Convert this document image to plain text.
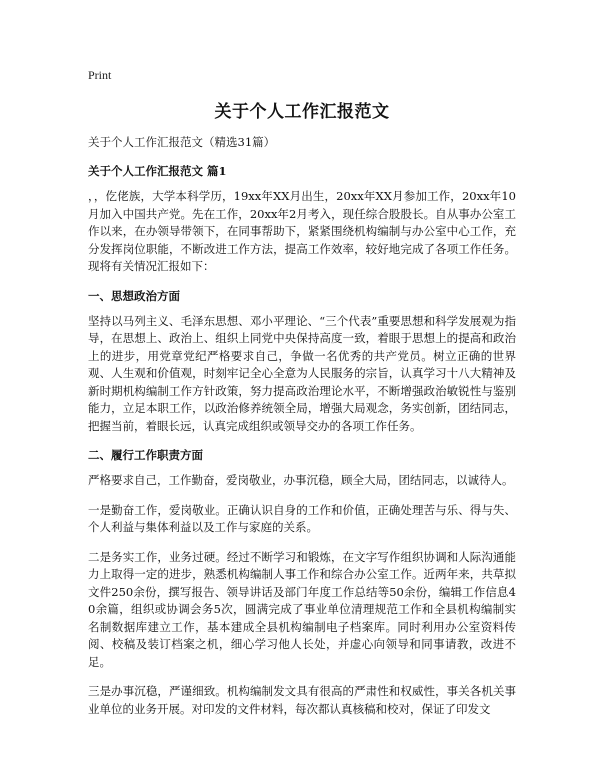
Print
关于个人工作汇报范文

关于个人工作汇报范文（精选31篇）

关于个人工作汇报范文 篇1

，，仡佬族，大学本科学历，19xx年XX月出生，20xx年XX月参加工作，20xx年10月加入中国共产党。先在工作，20xx年2月考入，现任综合股股长。自从事办公室工作以来，在办领导带领下，在同事帮助下，紧紧围绕机构编制与办公室中心工作，充分发挥岗位职能，不断改进工作方法，提高工作效率，较好地完成了各项工作任务。现将有关情况汇报如下：

一、思想政治方面

坚持以马列主义、毛泽东思想、邓小平理论、“三个代表”重要思想和科学发展观为指导，在思想上、政治上、组织上同党中央保持高度一致，着眼于思想上的提高和政治上的进步，用党章党纪严格要求自己，争做一名优秀的共产党员。树立正确的世界观、人生观和价值观，时刻牢记全心全意为人民服务的宗旨，认真学习十八大精神及新时期机构编制工作方针政策，努力提高政治理论水平，不断增强政治敏锐性与鉴别能力，立足本职工作，以政治修养统领全局，增强大局观念，务实创新，团结同志，把握当前，着眼长远，认真完成组织或领导交办的各项工作任务。

二、履行工作职责方面

严格要求自己，工作勤奋，爱岗敬业，办事沉稳，顾全大局，团结同志，以诚待人。

一是勤奋工作，爱岗敬业。正确认识自身的工作和价值，正确处理苦与乐、得与失、个人利益与集体利益以及工作与家庭的关系。

二是务实工作，业务过硬。经过不断学习和锻炼，在文字写作组织协调和人际沟通能力上取得一定的进步，熟悉机构编制人事工作和综合办公室工作。近两年来，共草拟文件250余份，撰写报告、领导讲话及部门年度工作总结等50余份，编辑工作信息40余篇，组织或协调会务5次，圆满完成了事业单位清理规范工作和全县机构编制实名制数据库建立工作，基本建成全县机构编制电子档案库。同时利用办公室资料传阅、校稿及装订档案之机，细心学习他人长处，并虚心向领导和同事请教，改进不足。

三是办事沉稳，严谨细致。机构编制发文具有很高的严肃性和权威性，事关各机关事业单位的业务开展。对印发的文件材料，每次都认真核稿和校对，保证了印发文
